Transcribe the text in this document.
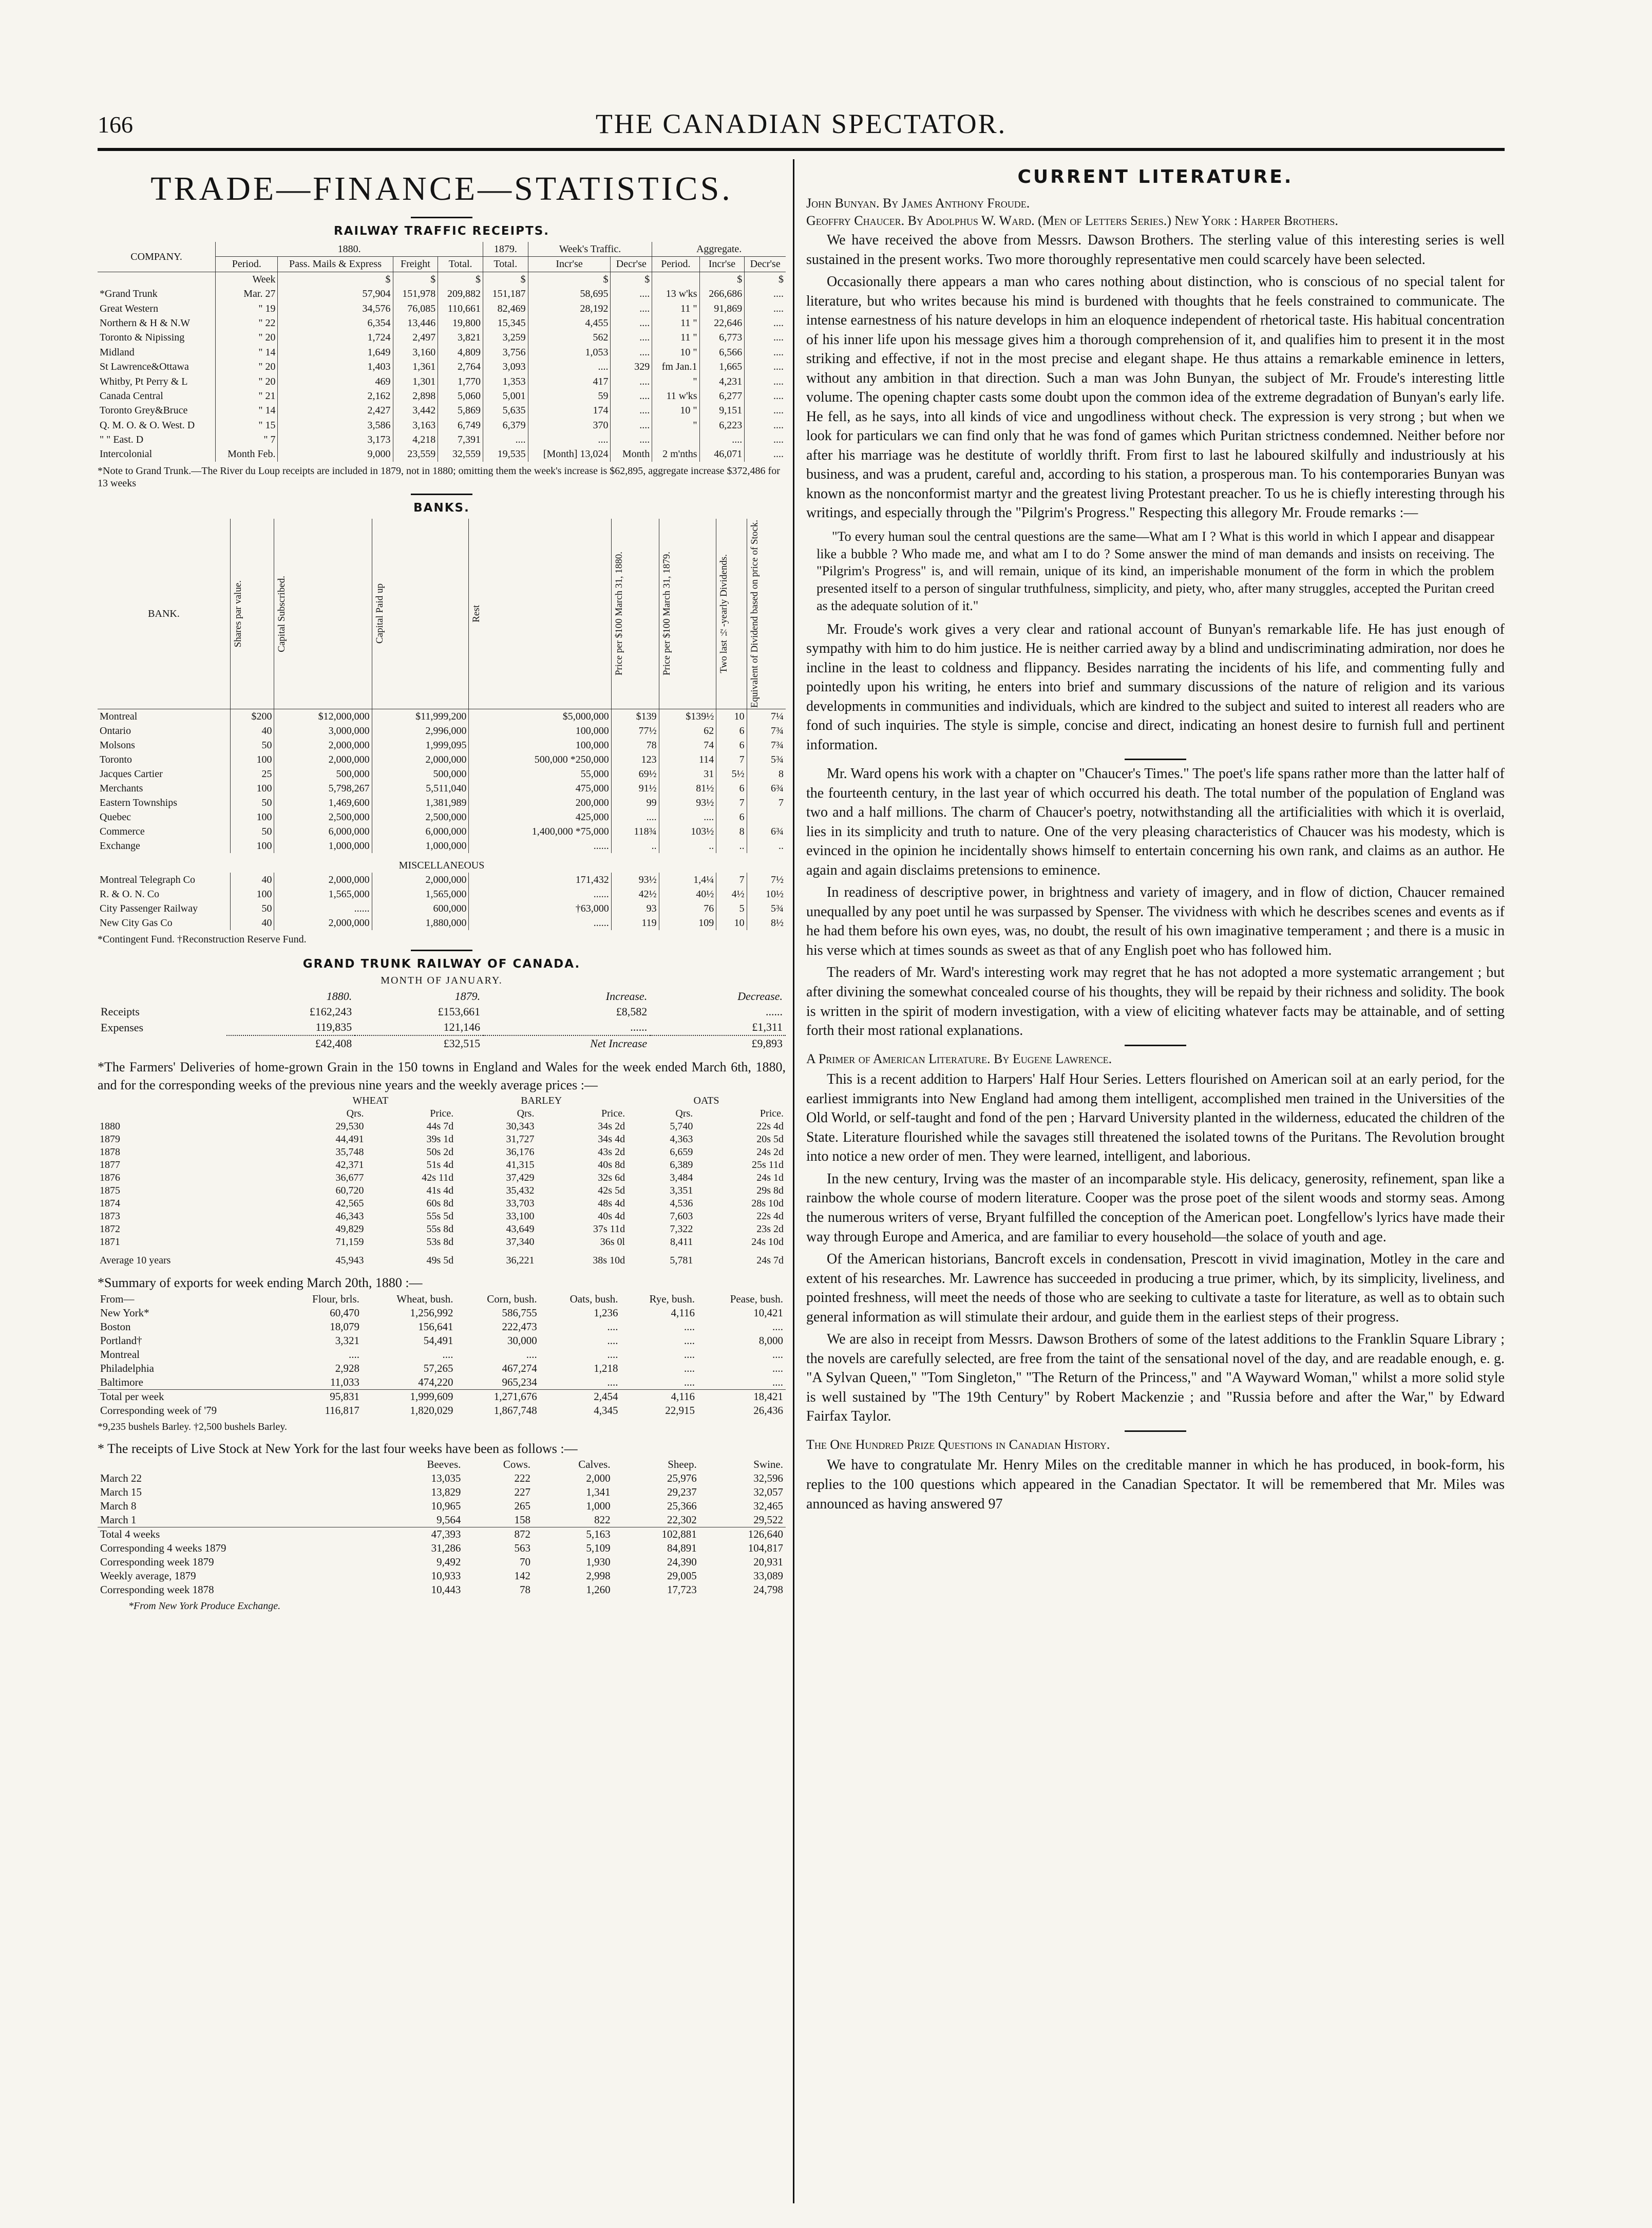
166	THE CANADIAN SPECTATOR.
TRADE—FINANCE—STATISTICS.
RAILWAY TRAFFIC RECEIPTS.
COMPANY.	1880.				1879.	Week's Traffic.		Aggregate.		
	Period.	Pass. Mails & Express	Freight	Total.	Total.	Incr'se	Decr'se	Period.	Incr'se	Decr'se
	Week	$	$	$	$	$	$		$	$
*Grand Trunk	Mar. 27	57,904	151,978	209,882	151,187	58,695	....	13 w'ks	266,686	....
Great Western	" 19	34,576	76,085	110,661	82,469	28,192	....	11 "	91,869	....
Northern & H & N.W	" 22	6,354	13,446	19,800	15,345	4,455	....	11 "	22,646	....
Toronto & Nipissing	" 20	1,724	2,497	3,821	3,259	562	....	11 "	6,773	....
Midland	" 14	1,649	3,160	4,809	3,756	1,053	....	10 "	6,566	....
St Lawrence&Ottawa	" 20	1,403	1,361	2,764	3,093	....	329	fm Jan.1	1,665	....
Whitby, Pt Perry & L	" 20	469	1,301	1,770	1,353	417	....	"	4,231	....
Canada Central	" 21	2,162	2,898	5,060	5,001	59	....	11 w'ks	6,277	....
Toronto Grey&Bruce	" 14	2,427	3,442	5,869	5,635	174	....	10 "	9,151	....
Q. M. O. & O. West. D	" 15	3,586	3,163	6,749	6,379	370	....	"	6,223	....
" " East. D	" 7	3,173	4,218	7,391	....	....	....		....	....
Intercolonial	Month Feb.	9,000	23,559	32,559	19,535	[Month] 13,024	Month	2 m'nths	46,071	....
*Note to Grand Trunk.—The River du Loup receipts are included in 1879, not in 1880; omitting them the week's increase is $62,895, aggregate increase $372,486 for 13 weeks
BANKS.
BANK.	Shares par value.	Capital Subscribed.	Capital Paid up	Rest	Price per $100 March 31, 1880.	Price per $100 March 31, 1879.	Two last ½-yearly Dividends.	Equivalent of Dividend based on price of Stock.

Montreal	$200	$12,000,000	$11,999,200	$5,000,000	$139	$139½	10	7¼
Ontario	40	3,000,000	2,996,000	100,000	77½	62	6	7¾
Molsons	50	2,000,000	1,999,095	100,000	78	74	6	7¾
Toronto	100	2,000,000	2,000,000	500,000 *250,000	123	114	7	5¾
Jacques Cartier	25	500,000	500,000	55,000	69½	31	5½	8
Merchants	100	5,798,267	5,511,040	475,000	91½	81½	6	6¾
Eastern Townships	50	1,469,600	1,381,989	200,000	99	93½	7	7
Quebec	100	2,500,000	2,500,000	425,000	....	....	6	
Commerce	50	6,000,000	6,000,000	1,400,000 *75,000	118¾	103½	8	6¾
Exchange	100	1,000,000	1,000,000	......	..	..	..	..
MISCELLANEOUS								
Montreal Telegraph Co	40	2,000,000	2,000,000	171,432	93½	1,4¼	7	7½
R. & O. N. Co	100	1,565,000	1,565,000	......	42½	40½	4½	10½
City Passenger Railway	50	......	600,000	†63,000	93	76	5	5¾
New City Gas Co	40	2,000,000	1,880,000	......	119	109	10	8½
*Contingent Fund. †Reconstruction Reserve Fund.
GRAND TRUNK RAILWAY OF CANADA.
MONTH OF JANUARY.
	1880.	1879.	Increase.	Decrease.
Receipts	£162,243	£153,661	£8,582	......
Expenses	119,835	121,146	......	£1,311
	£42,408	£32,515	Net Increase	£9,893
*The Farmers' Deliveries of home-grown Grain in the 150 towns in England and Wales for the week ended March 6th, 1880, and for the corresponding weeks of the previous nine years and the weekly average prices :—
	WHEAT		BARLEY		OATS	
	Qrs.	Price.	Qrs.	Price.	Qrs.	Price.
1880	29,530	44s 7d	30,343	34s 2d	5,740	22s 4d
1879	44,491	39s 1d	31,727	34s 4d	4,363	20s 5d
1878	35,748	50s 2d	36,176	43s 2d	6,659	24s 2d
1877	42,371	51s 4d	41,315	40s 8d	6,389	25s 11d
1876	36,677	42s 11d	37,429	32s 6d	3,484	24s 1d
1875	60,720	41s 4d	35,432	42s 5d	3,351	29s 8d
1874	42,565	60s 8d	33,703	48s 4d	4,536	28s 10d
1873	46,343	55s 5d	33,100	40s 4d	7,603	22s 4d
1872	49,829	55s 8d	43,649	37s 11d	7,322	23s 2d
1871	71,159	53s 8d	37,340	36s 0l	8,411	24s 10d
Average 10 years	45,943	49s 5d	36,221	38s 10d	5,781	24s 7d
*Summary of exports for week ending March 20th, 1880 :—
From—	Flour, brls.	Wheat, bush.	Corn, bush.	Oats, bush.	Rye, bush.	Pease, bush.
New York*	60,470	1,256,992	586,755	1,236	4,116	10,421
Boston	18,079	156,641	222,473	....	....	....
Portland†	3,321	54,491	30,000	....	....	8,000
Montreal	....	....	....	....	....	....
Philadelphia	2,928	57,265	467,274	1,218	....	....
Baltimore	11,033	474,220	965,234	....	....	....
Total per week	95,831	1,999,609	1,271,676	2,454	4,116	18,421
Corresponding week of '79	116,817	1,820,029	1,867,748	4,345	22,915	26,436
*9,235 bushels Barley. †2,500 bushels Barley.
* The receipts of Live Stock at New York for the last four weeks have been as follows :—
	Beeves.	Cows.	Calves.	Sheep.	Swine.
March 22	13,035	222	2,000	25,976	32,596
March 15	13,829	227	1,341	29,237	32,057
March 8	10,965	265	1,000	25,366	32,465
March 1	9,564	158	822	22,302	29,522
Total 4 weeks	47,393	872	5,163	102,881	126,640
Corresponding 4 weeks 1879	31,286	563	5,109	84,891	104,817
Corresponding week 1879	9,492	70	1,930	24,390	20,931
Weekly average, 1879	10,933	142	2,998	29,005	33,089
Corresponding week 1878	10,443	78	1,260	17,723	24,798
*From New York Produce Exchange.
CURRENT LITERATURE.
John Bunyan. By James Anthony Froude.
Geoffry Chaucer. By Adolphus W. Ward. (Men of Letters Series.) New York : Harper Brothers.

We have received the above from Messrs. Dawson Brothers. The sterling value of this interesting series is well sustained in the present works. Two more thoroughly representative men could scarcely have been selected.

Occasionally there appears a man who cares nothing about distinction, who is conscious of no special talent for literature, but who writes because his mind is burdened with thoughts that he feels constrained to communicate. The intense earnestness of his nature develops in him an eloquence independent of rhetorical taste. His habitual concentration of his inner life upon his message gives him a thorough comprehension of it, and qualifies him to present it in the most striking and effective, if not in the most precise and elegant shape. He thus attains a remarkable eminence in letters, without any ambition in that direction. Such a man was John Bunyan, the subject of Mr. Froude's interesting little volume. The opening chapter casts some doubt upon the common idea of the extreme degradation of Bunyan's early life. He fell, as he says, into all kinds of vice and ungodliness without check. The expression is very strong ; but when we look for particulars we can find only that he was fond of games which Puritan strictness condemned. Neither before nor after his marriage was he destitute of worldly thrift. From first to last he laboured skilfully and industriously at his business, and was a prudent, careful and, according to his station, a prosperous man. To his contemporaries Bunyan was known as the nonconformist martyr and the greatest living Protestant preacher. To us he is chiefly interesting through his writings, and especially through the "Pilgrim's Progress." Respecting this allegory Mr. Froude remarks :—

"To every human soul the central questions are the same—What am I ? What is this world in which I appear and disappear like a bubble ? Who made me, and what am I to do ? Some answer the mind of man demands and insists on receiving. The "Pilgrim's Progress" is, and will remain, unique of its kind, an imperishable monument of the form in which the problem presented itself to a person of singular truthfulness, simplicity, and piety, who, after many struggles, accepted the Puritan creed as the adequate solution of it."

Mr. Froude's work gives a very clear and rational account of Bunyan's remarkable life. He has just enough of sympathy with him to do him justice. He is neither carried away by a blind and undiscriminating admiration, nor does he incline in the least to coldness and flippancy. Besides narrating the incidents of his life, and commenting fully and pointedly upon his writing, he enters into brief and summary discussions of the nature of religion and its various developments in communities and individuals, which are kindred to the subject and suited to interest all readers who are fond of such inquiries. The style is simple, concise and direct, indicating an honest desire to furnish full and pertinent information.

Mr. Ward opens his work with a chapter on "Chaucer's Times." The poet's life spans rather more than the latter half of the fourteenth century, in the last year of which occurred his death. The total number of the population of England was two and a half millions. The charm of Chaucer's poetry, notwithstanding all the artificialities with which it is overlaid, lies in its simplicity and truth to nature. One of the very pleasing characteristics of Chaucer was his modesty, which is evinced in the opinion he incidentally shows himself to entertain concerning his own rank, and claims as an author. He again and again disclaims pretensions to eminence.

In readiness of descriptive power, in brightness and variety of imagery, and in flow of diction, Chaucer remained unequalled by any poet until he was surpassed by Spenser. The vividness with which he describes scenes and events as if he had them before his own eyes, was, no doubt, the result of his own imaginative temperament ; and there is a music in his verse which at times sounds as sweet as that of any English poet who has followed him.

The readers of Mr. Ward's interesting work may regret that he has not adopted a more systematic arrangement ; but after divining the somewhat concealed course of his thoughts, they will be repaid by their richness and solidity. The book is written in the spirit of modern investigation, with a view of eliciting whatever facts may be attainable, and of setting forth their most rational explanations.

A Primer of American Literature. By Eugene Lawrence.

This is a recent addition to Harpers' Half Hour Series. Letters flourished on American soil at an early period, for the earliest immigrants into New England had among them intelligent, accomplished men trained in the Universities of the Old World, or self-taught and fond of the pen ; Harvard University planted in the wilderness, educated the children of the State. Literature flourished while the savages still threatened the isolated towns of the Puritans. The Revolution brought into notice a new order of men. They were learned, intelligent, and laborious.

In the new century, Irving was the master of an incomparable style. His delicacy, generosity, refinement, span like a rainbow the whole course of modern literature. Cooper was the prose poet of the silent woods and stormy seas. Among the numerous writers of verse, Bryant fulfilled the conception of the American poet. Longfellow's lyrics have made their way through Europe and America, and are familiar to every household—the solace of youth and age.

Of the American historians, Bancroft excels in condensation, Prescott in vivid imagination, Motley in the care and extent of his researches. Mr. Lawrence has succeeded in producing a true primer, which, by its simplicity, liveliness, and pointed freshness, will meet the needs of those who are seeking to cultivate a taste for literature, as well as to obtain such general information as will stimulate their ardour, and guide them in the earliest steps of their progress.

We are also in receipt from Messrs. Dawson Brothers of some of the latest additions to the Franklin Square Library ; the novels are carefully selected, are free from the taint of the sensational novel of the day, and are readable enough, e. g. "A Sylvan Queen," "Tom Singleton," "The Return of the Princess," and "A Wayward Woman," whilst a more solid style is well sustained by "The 19th Century" by Robert Mackenzie ; and "Russia before and after the War," by Edward Fairfax Taylor.

The One Hundred Prize Questions in Canadian History.

We have to congratulate Mr. Henry Miles on the creditable manner in which he has produced, in book-form, his replies to the 100 questions which appeared in the Canadian Spectator. It will be remembered that Mr. Miles was announced as having answered 97
